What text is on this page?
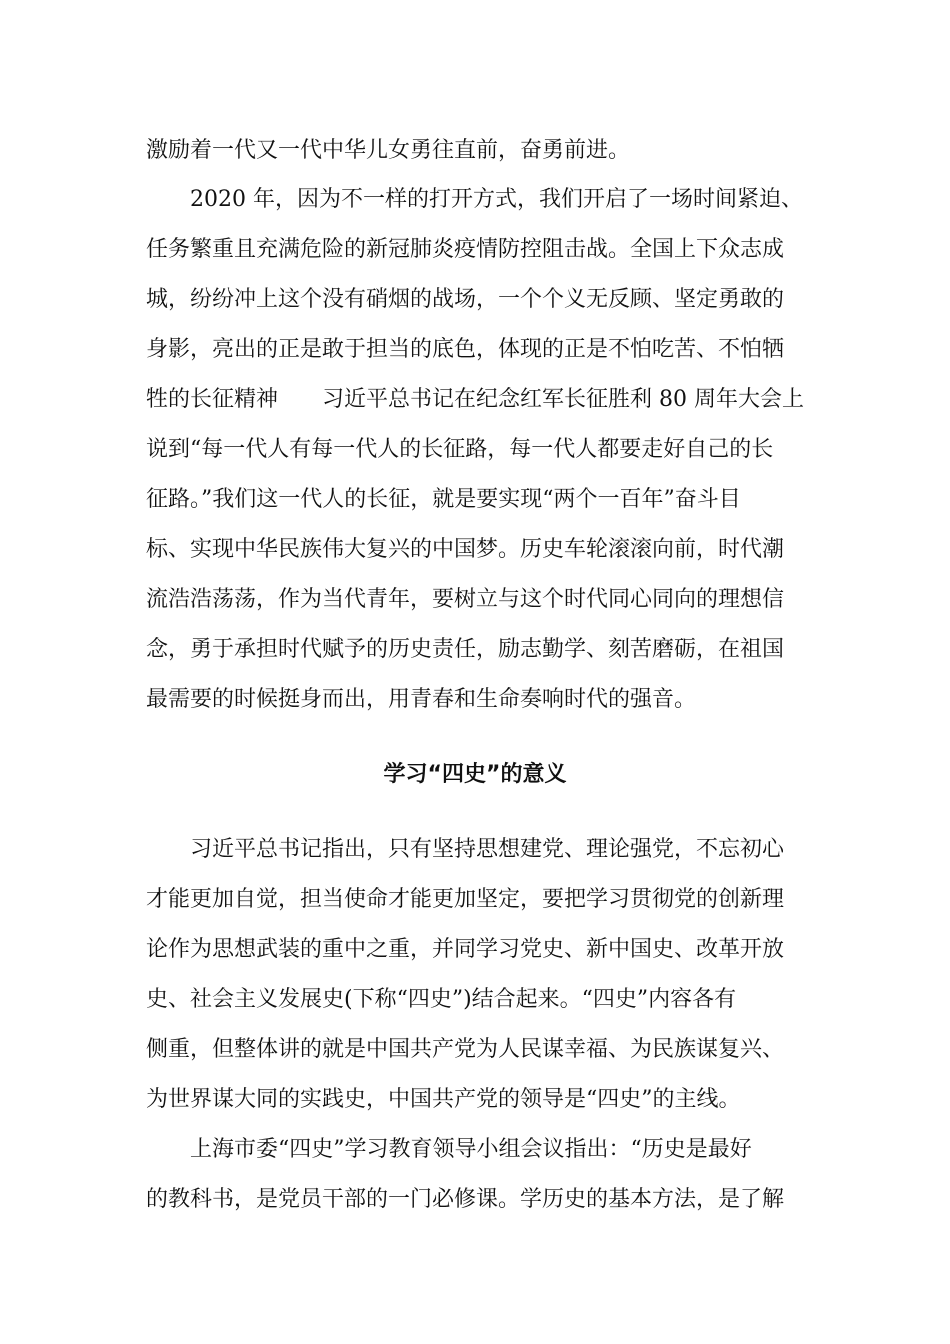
激励着一代又一代中华儿女勇往直前，奋勇前进。
　　2020 年，因为不一样的打开方式，我们开启了一场时间紧迫、
任务繁重且充满危险的新冠肺炎疫情防控阻击战。全国上下众志成
城，纷纷冲上这个没有硝烟的战场，一个个义无反顾、坚定勇敢的
身影，亮出的正是敢于担当的底色，体现的正是不怕吃苦、不怕牺
牲的长征精神　　习近平总书记在纪念红军长征胜利 80 周年大会上
说到“每一代人有每一代人的长征路，每一代人都要走好自己的长
征路。”我们这一代人的长征，就是要实现“两个一百年”奋斗目
标、实现中华民族伟大复兴的中国梦。历史车轮滚滚向前，时代潮
流浩浩荡荡，作为当代青年，要树立与这个时代同心同向的理想信
念，勇于承担时代赋予的历史责任，励志勤学、刻苦磨砺，在祖国
最需要的时候挺身而出，用青春和生命奏响时代的强音。
学习“四史”的意义
　　习近平总书记指出，只有坚持思想建党、理论强党，不忘初心
才能更加自觉，担当使命才能更加坚定，要把学习贯彻党的创新理
论作为思想武装的重中之重，并同学习党史、新中国史、改革开放
史、社会主义发展史(下称“四史”)结合起来。“四史”内容各有
侧重，但整体讲的就是中国共产党为人民谋幸福、为民族谋复兴、
为世界谋大同的实践史，中国共产党的领导是“四史”的主线。
　　上海市委“四史”学习教育领导小组会议指出：“历史是最好
的教科书，是党员干部的一门必修课。学历史的基本方法，是了解
